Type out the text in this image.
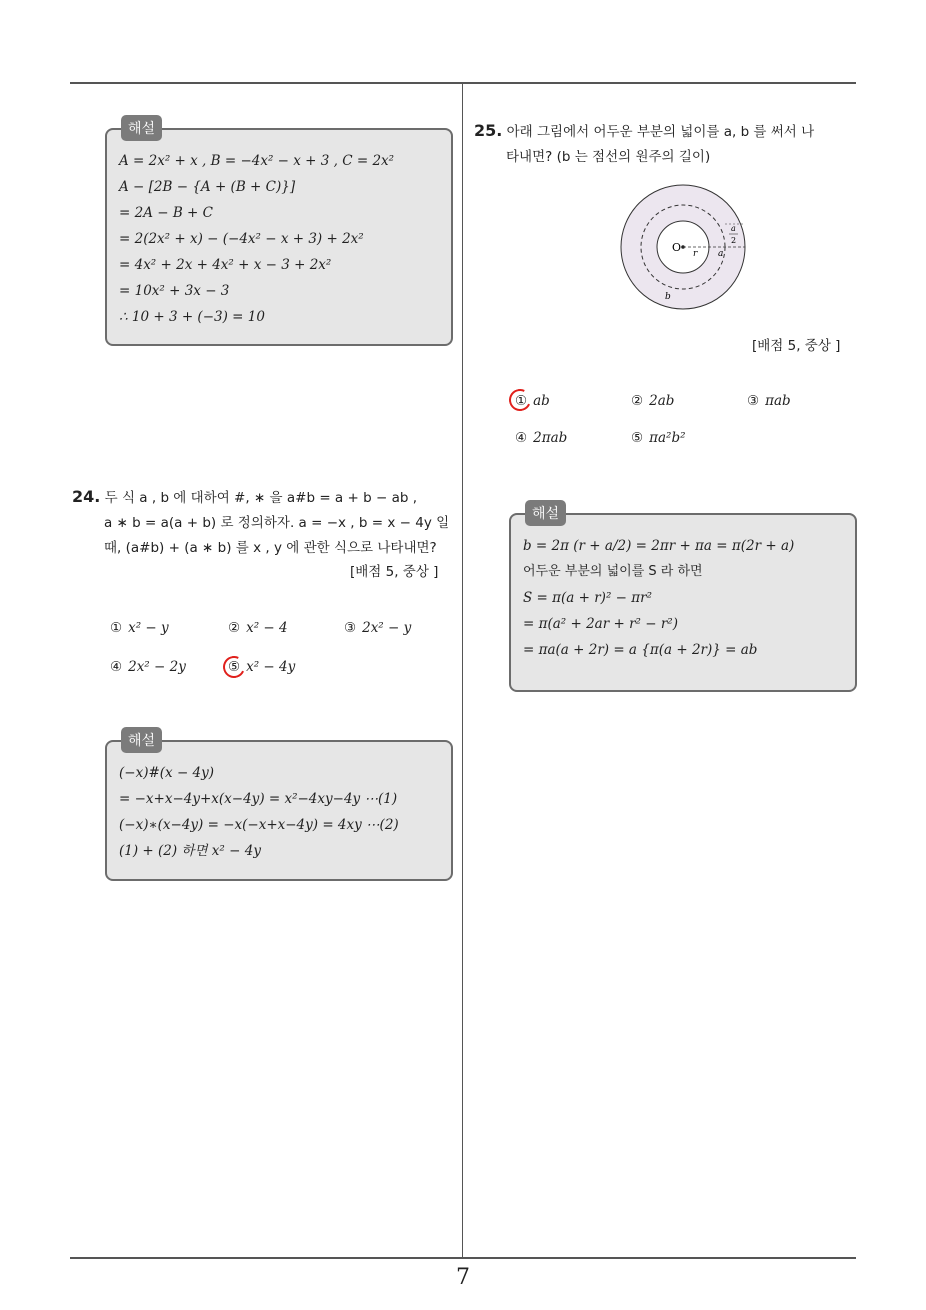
해설
A = 2x² + x , B = −4x² − x + 3 , C = 2x²
A − [2B − {A + (B + C)}]
= 2A − B + C
= 2(2x² + x) − (−4x² − x + 3) + 2x²
= 4x² + 2x + 4x² + x − 3 + 2x²
= 10x² + 3x − 3
∴ 10 + 3 + (−3) = 10
24. 두 식 a , b 에 대하여 #, ∗ 을 a#b = a + b − ab ,
a ∗ b = a(a + b) 로 정의하자. a = −x , b = x − 4y 일
때, (a#b) + (a ∗ b) 를 x , y 에 관한 식으로 나타내면?
[배점 5, 중상 ]
① x² − y	② x² − 4	③ 2x² − y
④ 2x² − 2y	⑤ x² − 4y
해설
(−x)#(x − 4y)
= −x+x−4y+x(x−4y) = x²−4xy−4y ⋯(1)
(−x)∗(x−4y) = −x(−x+x−4y) = 4xy ⋯(2)
(1) + (2) 하면 x² − 4y
25. 아래 그림에서 어두운 부분의 넓이를 a, b 를 써서 나
타내면? (b 는 점선의 원주의 길이)
O r a
a
2
b
[배점 5, 중상 ]
① ab	② 2ab	③ πab
④ 2πab	⑤ πa²b²
해설
b = 2π (r + a/2) = 2πr + πa = π(2r + a)
어두운 부분의 넓이를 S 라 하면
S = π(a + r)² − πr²
= π(a² + 2ar + r² − r²)
= πa(a + 2r) = a {π(a + 2r)} = ab
7
